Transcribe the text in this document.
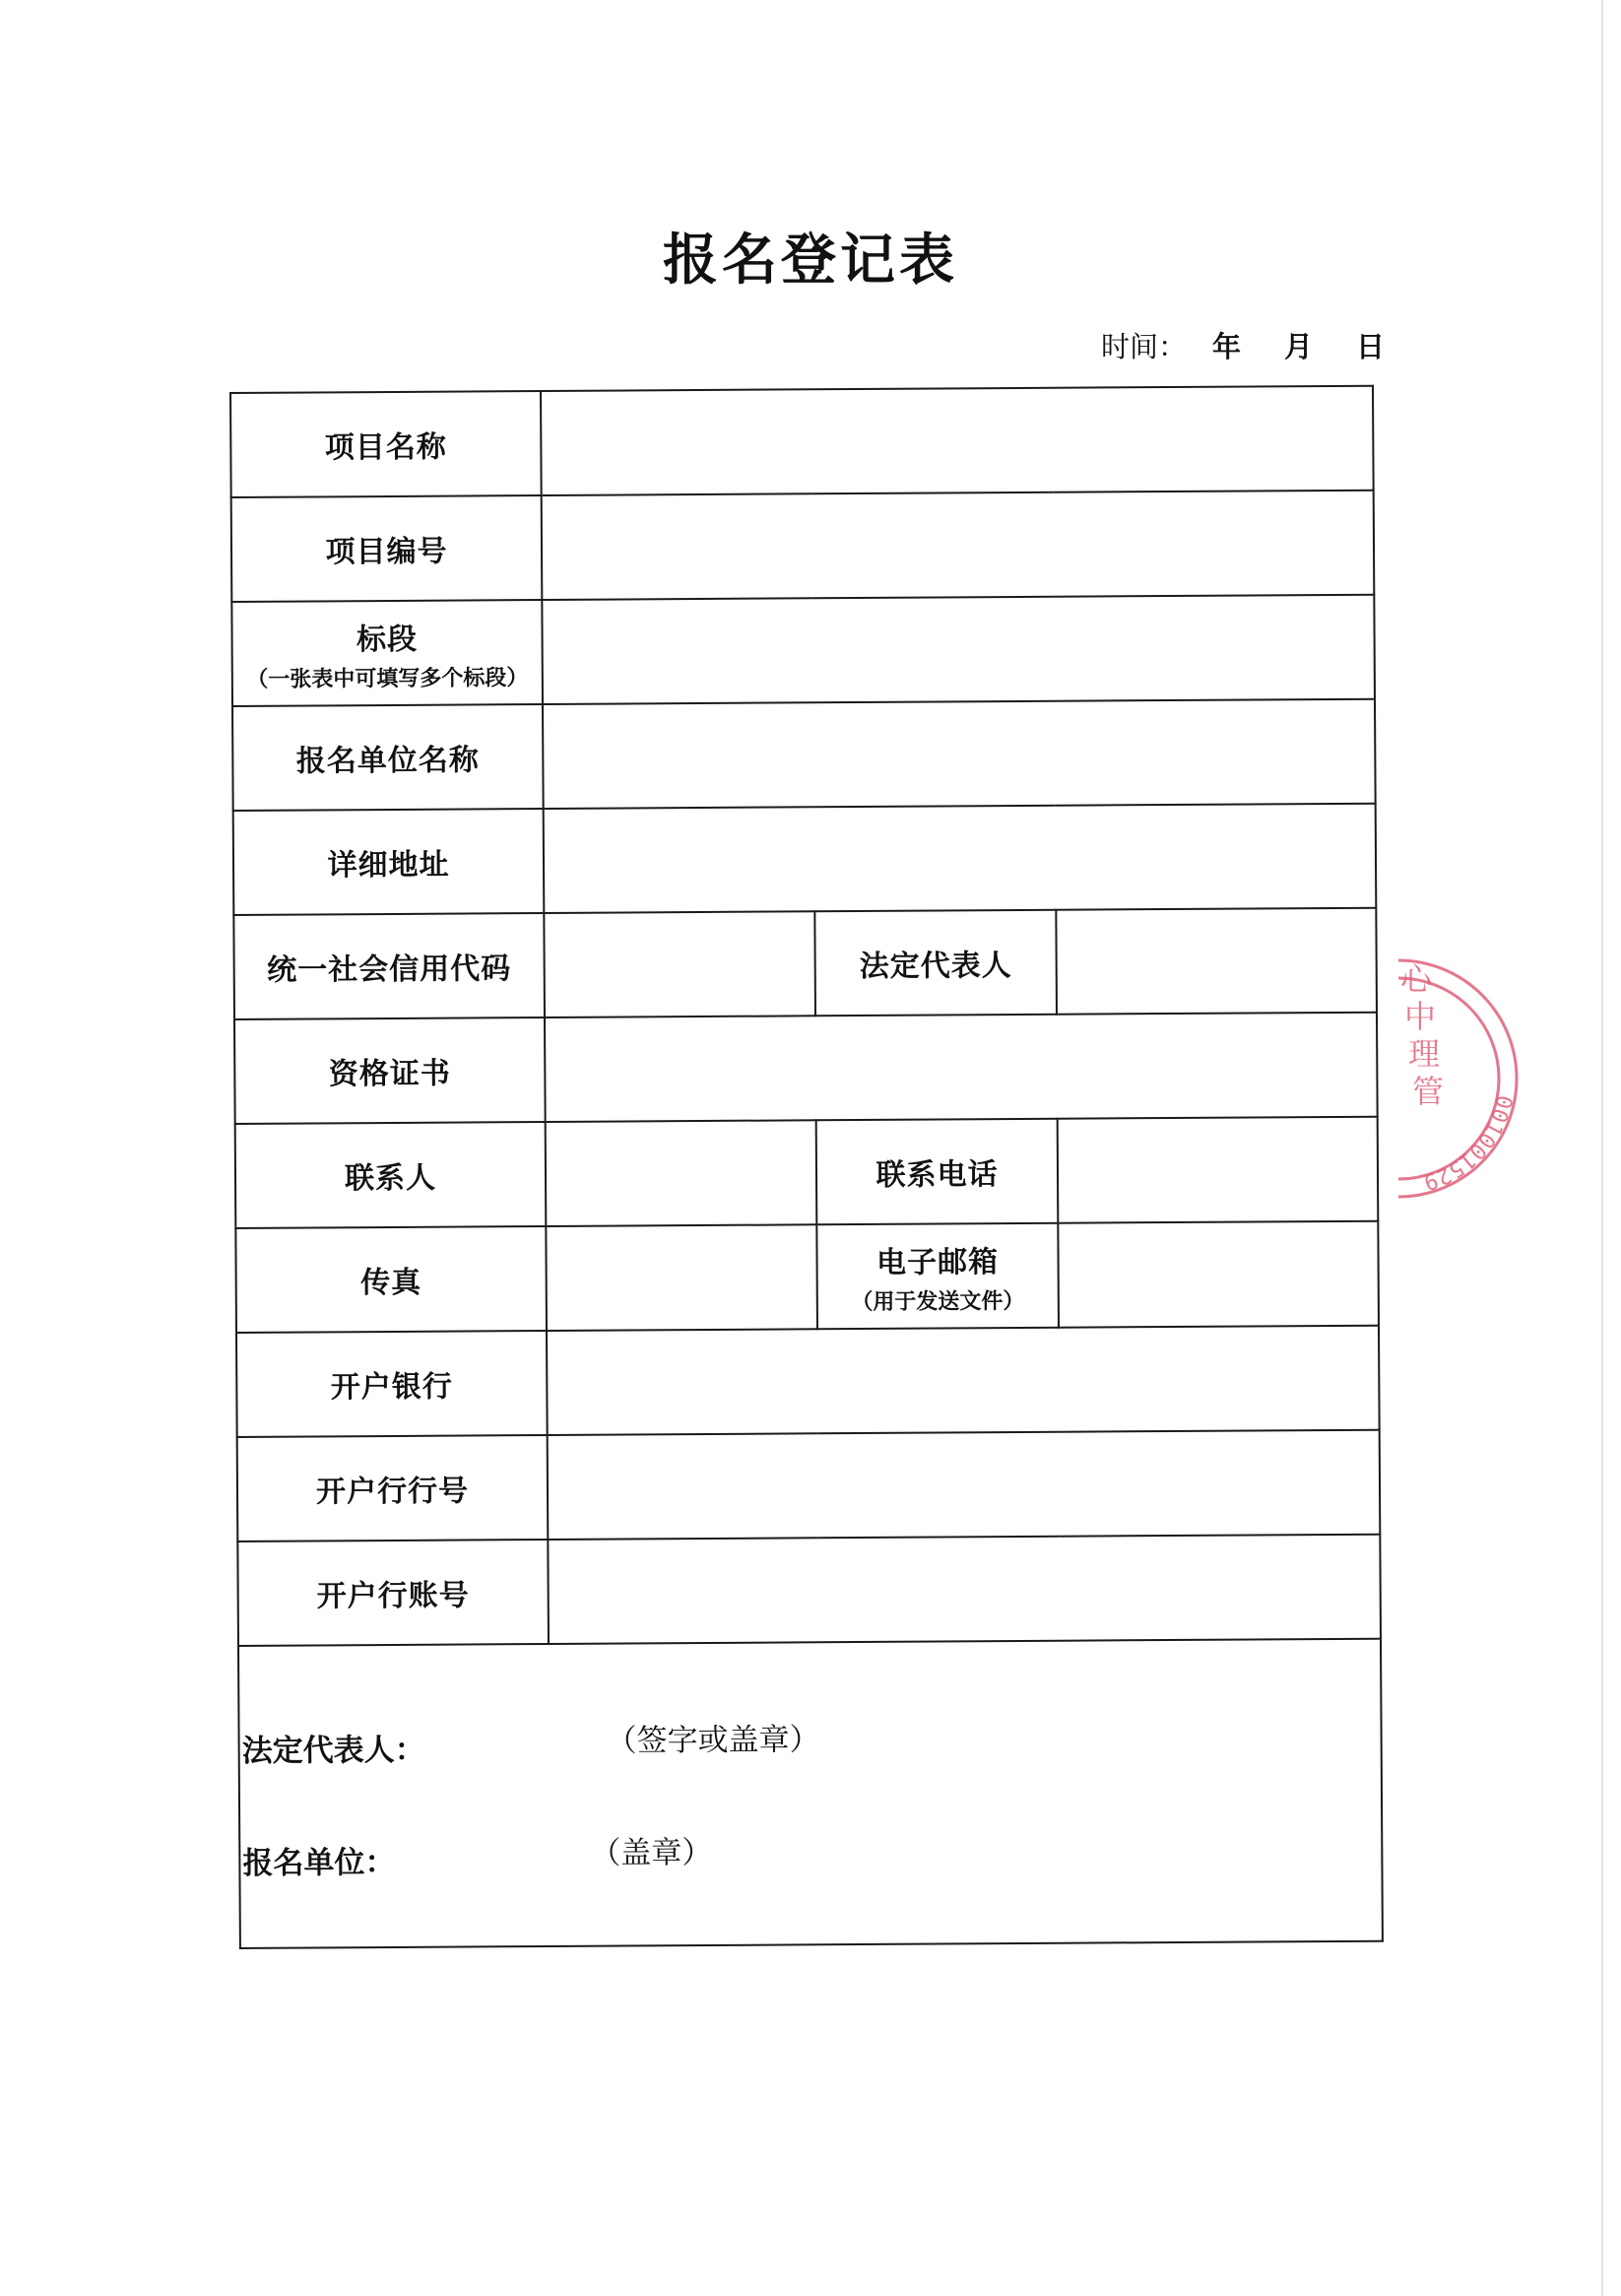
报名登记表
时间： 年 月 日
项目名称			
项目编号			
标段
（一张表中可填写多个标段）			

报名单位名称			
详细地址			
统一社会信用代码		法定代表人	
资格证书			
联系人		联系电话	
传真		电子邮箱
（用于发送文件）	

开户银行			
开户行行号			
开户行账号			

法定代表人： （签字或盖章）
报名单位： （盖章）			
心中理管	001001529
